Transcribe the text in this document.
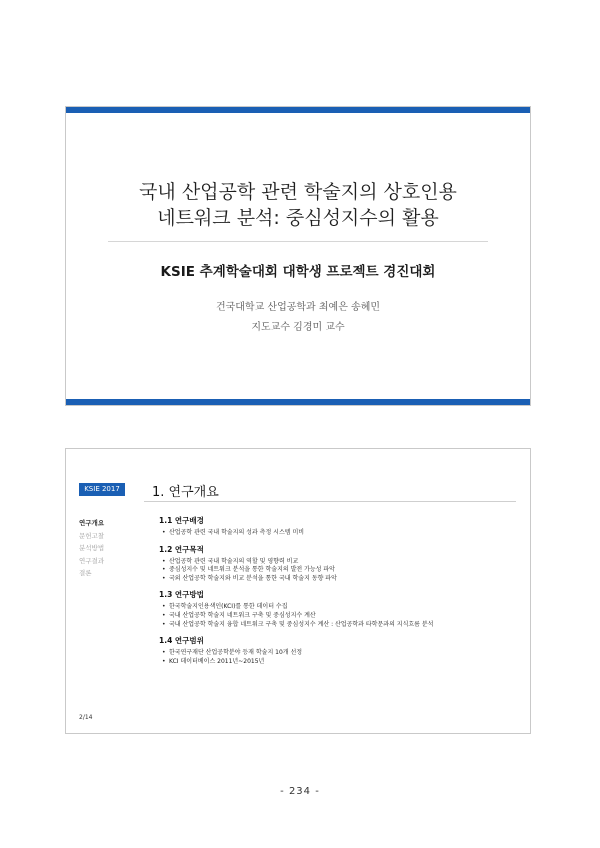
국내 산업공학 관련 학술지의 상호인용
네트워크 분석: 중심성지수의 활용
KSIE 추계학술대회 대학생 프로젝트 경진대회
건국대학교 산업공학과 최예은 송혜민
지도교수 김경미 교수
KSIE 2017	1. 연구개요
연구개요
문헌고찰
분석방법
연구결과
결론
1.1 연구배경
• 산업공학 관련 국내 학술지의 성과 측정 시스템 미비
1.2 연구목적
• 산업공학 관련 국내 학술지의 역할 및 영향력 비교
• 중심성지수 및 네트워크 분석을 통한 학술지의 발전 가능성 파악
• 국외 산업공학 학술지와 비교 분석을 통한 국내 학술지 동향 파악
1.3 연구방법
• 한국학술지인용색인(KCI)를 통한 데이터 수집
• 국내 산업공학 학술지 네트워크 구축 및 중심성지수 계산
• 국내 산업공학 학술지 융합 네트워크 구축 및 중심성지수 계산 : 산업공학과 타학문과의 지식흐름 분석
1.4 연구범위
• 한국연구재단 산업공학분야 등재 학술지 10개 선정
• KCI 데이터베이스 2011년~2015년
2/14
- 234 -
